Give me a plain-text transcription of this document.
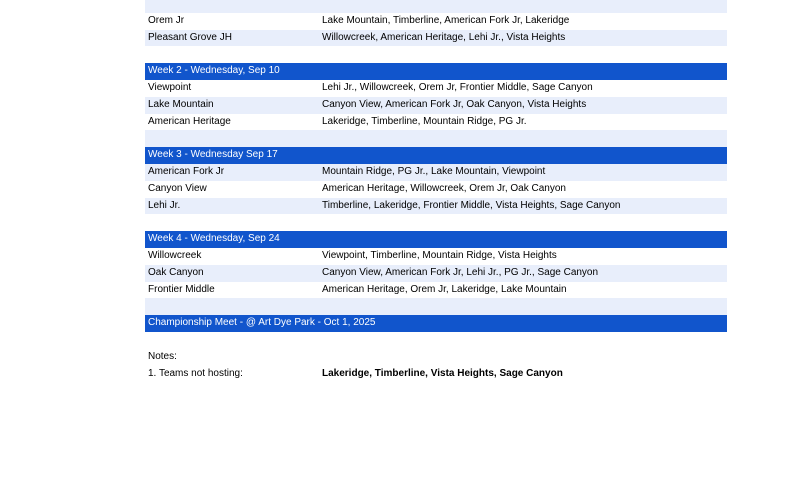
Orem Jr	Lake Mountain, Timberline, American Fork Jr, Lakeridge
Pleasant Grove JH	Willowcreek, American Heritage, Lehi Jr., Vista Heights
Week 2 - Wednesday, Sep 10
Viewpoint	Lehi Jr., Willowcreek, Orem Jr, Frontier Middle, Sage Canyon
Lake Mountain	Canyon View, American Fork Jr, Oak Canyon, Vista Heights
American Heritage	Lakeridge, Timberline, Mountain Ridge, PG Jr.
Week 3 - Wednesday Sep 17
American Fork Jr	Mountain Ridge, PG Jr., Lake Mountain, Viewpoint
Canyon View	American Heritage, Willowcreek, Orem Jr, Oak Canyon
Lehi Jr.	Timberline, Lakeridge, Frontier Middle, Vista Heights, Sage Canyon
Week 4 - Wednesday, Sep 24
Willowcreek	Viewpoint, Timberline, Mountain Ridge, Vista Heights
Oak Canyon	Canyon View, American Fork Jr, Lehi Jr., PG Jr., Sage Canyon
Frontier Middle	American Heritage, Orem Jr, Lakeridge, Lake Mountain
Championship Meet - @ Art Dye Park - Oct 1, 2025
Notes:
1. Teams not hosting:	Lakeridge, Timberline, Vista Heights, Sage Canyon
